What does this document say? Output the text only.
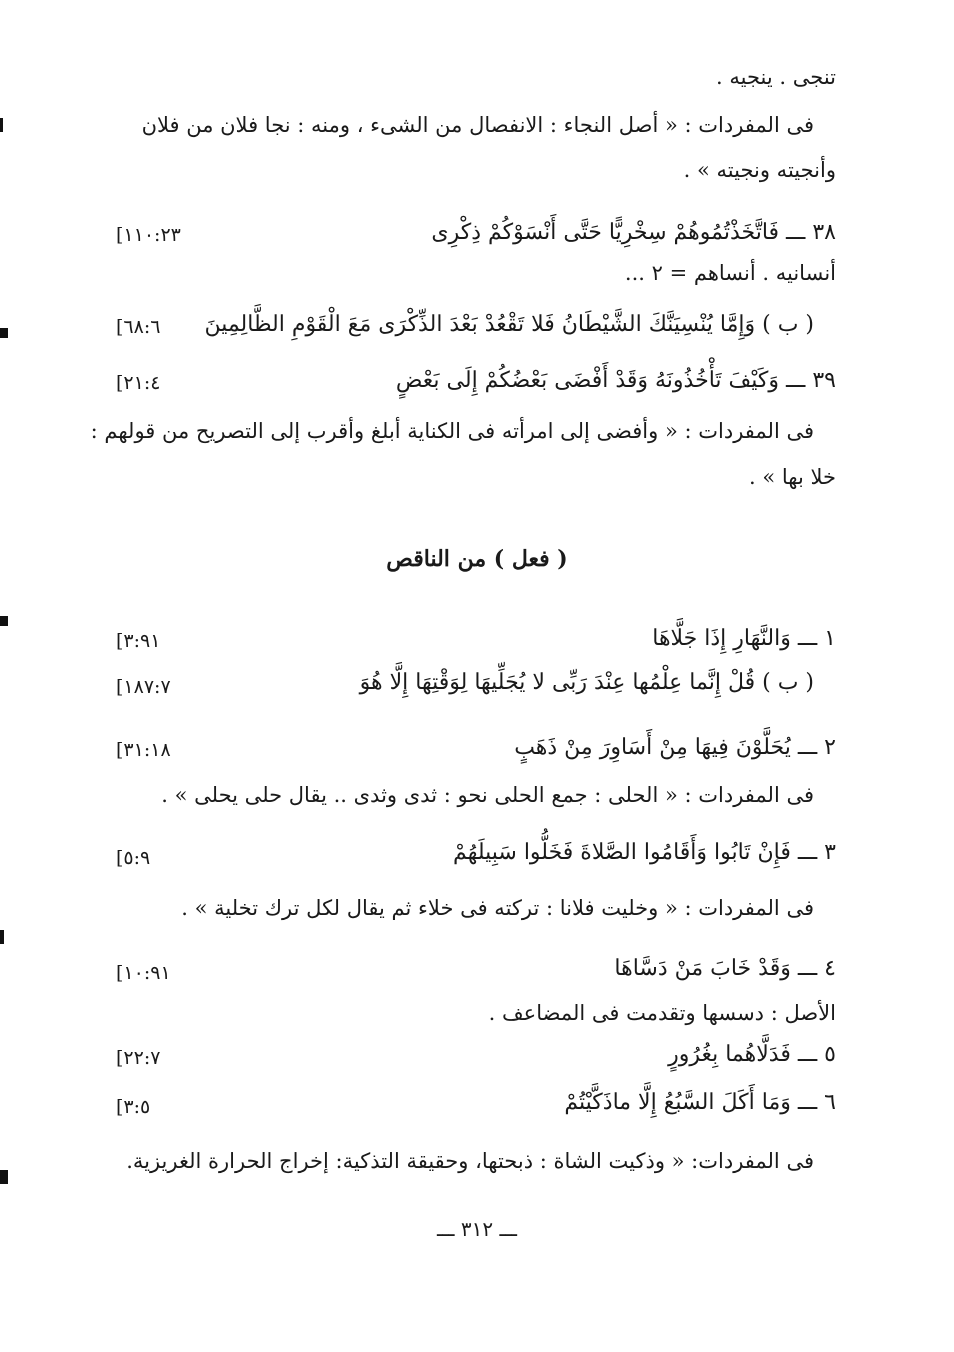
تنجى . ينجيه .
فى المفردات : « أصل النجاء : الانفصال من الشىء ، ومنه : نجا فلان من فلان
وأنجيته ونجيته » .
٣٨ ـــ فَاتَّخَذْتُمُوهُمْ سِخْرِيًّا حَتَّى أَنْسَوْكُمْ ذِكْرِى
[١١٠:٢٣
أنسانيه . أنساهم = ٢ ...
( ب ) وَإِمَّا يُنْسِيَنَّكَ الشَّيْطَانُ فَلا تَقْعُدْ بَعْدَ الذِّكْرَى مَعَ الْقَوْمِ الظَّالِمِينَ
[٦٨:٦
٣٩ ـــ وَكَيْفَ تَأْخُذُونَهُ وَقَدْ أَفْضَى بَعْضُكُمْ إِلَى بَعْضٍ
[٢١:٤
فى المفردات : « وأفضى إلى امرأته فى الكناية أبلغ وأقرب إلى التصريح من قولهم :
خلا بها » .
( فعل ) من الناقص
١ ـــ وَالنَّهَارِ إِذَا جَلَّاهَا
[٣:٩١
( ب ) قُلْ إِنَّما عِلْمُها عِنْدَ رَبِّى لا يُجَلِّيهَا لِوَقْتِهَا إِلَّا هُوَ
[١٨٧:٧
٢ ـــ يُحَلَّوْنَ فِيهَا مِنْ أَسَاوِرَ مِنْ ذَهَبٍ
[٣١:١٨
فى المفردات : « الحلى : جمع الحلى نحو : ثدى وثدى .. يقال حلى يحلى » .
٣ ـــ فَإِنْ تَابُوا وَأَقَامُوا الصَّلاةَ فَخَلُّوا سَبِيلَهُمْ
[٥:٩
فى المفردات : « وخليت فلانا : تركته فى خلاء ثم يقال لكل ترك تخلية » .
٤ ـــ وَقَدْ خَابَ مَنْ دَسَّاهَا
[١٠:٩١
الأصل : دسسها وتقدمت فى المضاعف .
٥ ـــ فَدَلَّاهُما بِغُرُورٍ
[٢٢:٧
٦ ـــ وَمَا أَكَلَ السَّبُعُ إِلَّا ماذَكَّيْتُمْ
[٣:٥
فى المفردات: « وذكيت الشاة : ذبحتها، وحقيقة التذكية: إخراج الحرارة الغريزية.
ـــ ٣١٢ ـــ
